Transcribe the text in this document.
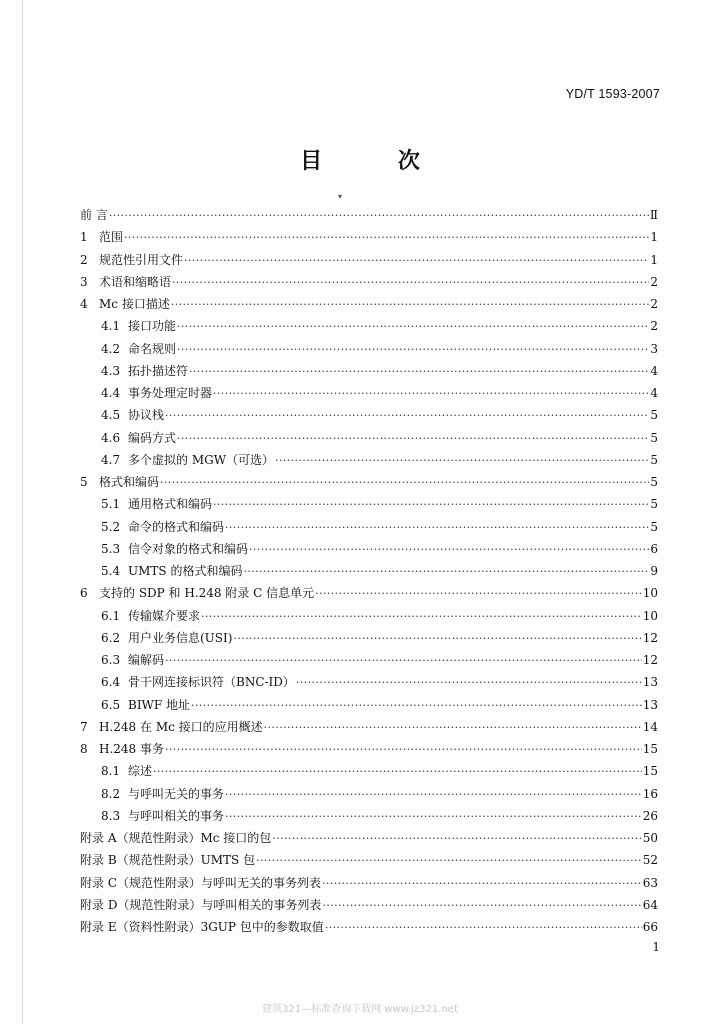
YD/T 1593-2007
目 次
▾
前 言 ·····	Ⅱ
1 范围 ·····	1
2 规范性引用文件 ·····	1
3 术语和缩略语 ·····	2
4 Mc 接口描述 ·····	2
4.1 接口功能 ·····	2
4.2 命名规则 ·····	3
4.3 拓扑描述符 ·····	4
4.4 事务处理定时器 ·····	4
4.5 协议栈 ·····	5
4.6 编码方式 ·····	5
4.7 多个虚拟的 MGW（可选） ·····	5
5 格式和编码 ·····	5
5.1 通用格式和编码 ·····	5
5.2 命令的格式和编码 ·····	5
5.3 信令对象的格式和编码 ·····	6
5.4 UMTS 的格式和编码 ·····	9
6 支持的 SDP 和 H.248 附录 C 信息单元 ·····	10
6.1 传输媒介要求 ·····	10
6.2 用户业务信息(USI) ·····	12
6.3 编解码 ·····	12
6.4 骨干网连接标识符（BNC-ID） ·····	13
6.5 BIWF 地址 ·····	13
7 H.248 在 Mc 接口的应用概述 ·····	14
8 H.248 事务 ·····	15
8.1 综述 ·····	15
8.2 与呼叫无关的事务 ·····	16
8.3 与呼叫相关的事务 ·····	26
附录 A（规范性附录）Mc 接口的包 ·····	50
附录 B（规范性附录）UMTS 包 ·····	52
附录 C（规范性附录）与呼叫无关的事务列表 ·····	63
附录 D（规范性附录）与呼叫相关的事务列表 ·····	64
附录 E（资料性附录）3GUP 包中的参数取值 ·····	66
1
建筑321—标准查询下载网 www.jz321.net
